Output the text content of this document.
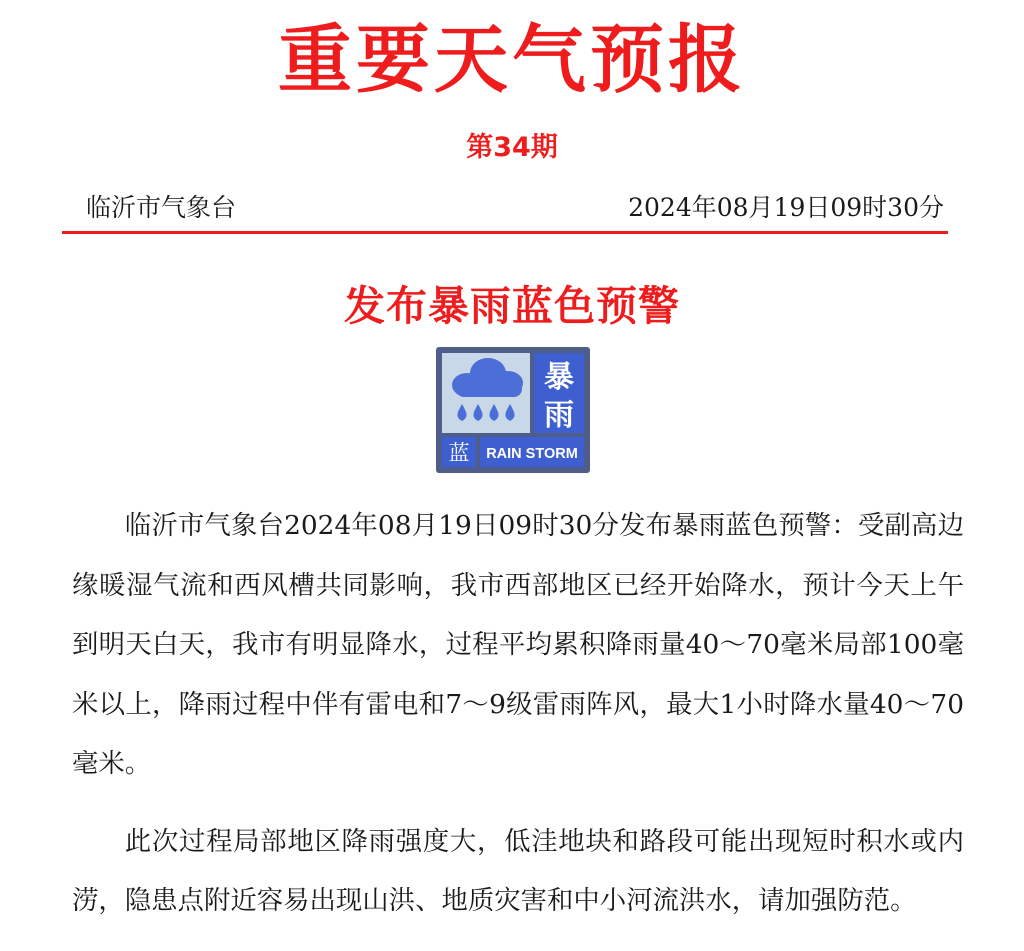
重要天气预报
第34期
临沂市气象台	2024年08月19日09时30分
发布暴雨蓝色预警
暴
雨
蓝 RAIN STORM

临沂市气象台2024年08月19日09时30分发布暴雨蓝色预警：受副高边缘暖湿气流和西风槽共同影响，我市西部地区已经开始降水，预计今天上午到明天白天，我市有明显降水，过程平均累积降雨量40～70毫米局部100毫米以上，降雨过程中伴有雷电和7～9级雷雨阵风，最大1小时降水量40～70毫米。

此次过程局部地区降雨强度大，低洼地块和路段可能出现短时积水或内涝，隐患点附近容易出现山洪、地质灾害和中小河流洪水，请加强防范。
